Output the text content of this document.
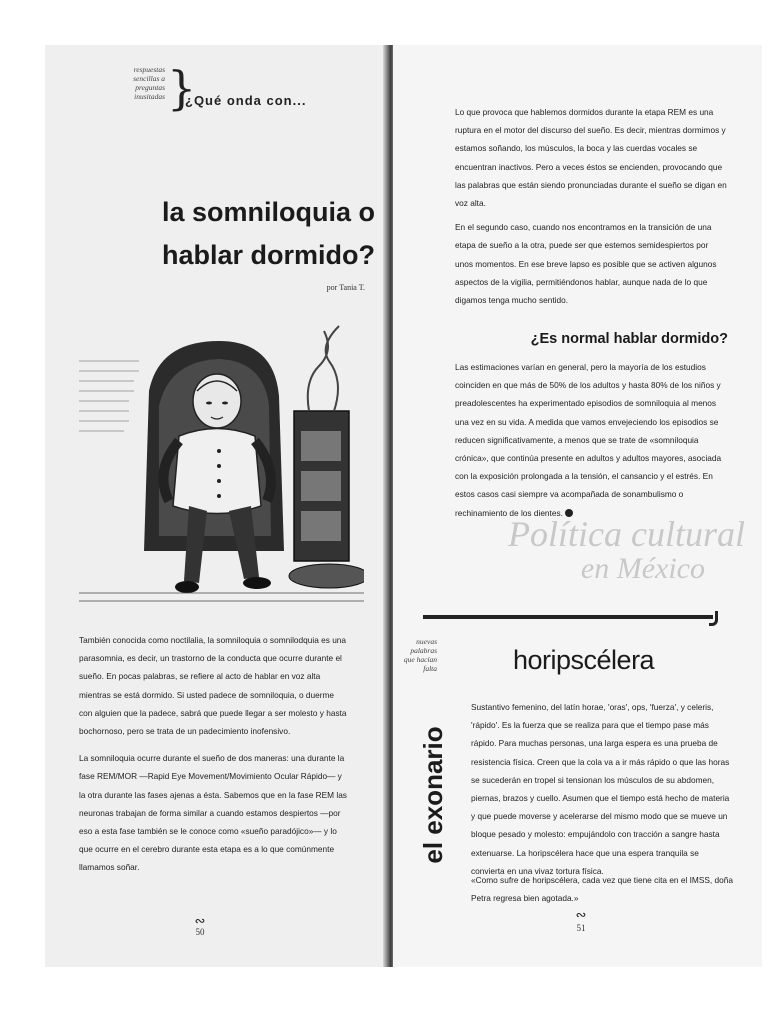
respuestas
sencillas a
preguntas
inusitadas }
¿Qué onda con...
la somniloquia o
hablar dormido?
por Tania T.

También conocida como noctilalia, la somniloquia o somnilodquia es una parasomnia, es decir, un trastorno de la conducta que ocurre durante el sueño. En pocas palabras, se refiere al acto de hablar en voz alta mientras se está dormido. Si usted padece de somniloquia, o duerme con alguien que la padece, sabrá que puede llegar a ser molesto y hasta bochornoso, pero se trata de un padecimiento inofensivo.

La somniloquia ocurre durante el sueño de dos maneras: una durante la fase REM/MOR —Rapid Eye Movement/Movimiento Ocular Rápido— y la otra durante las fases ajenas a ésta. Sabemos que en la fase REM las neuronas trabajan de forma similar a cuando estamos despiertos —por eso a esta fase también se le conoce como «sueño paradójico»— y lo que ocurre en el cerebro durante esta etapa es a lo que comúnmente llamamos soñar.

∾
50

Lo que provoca que hablemos dormidos durante la etapa REM es una ruptura en el motor del discurso del sueño. Es decir, mientras dormimos y estamos soñando, los músculos, la boca y las cuerdas vocales se encuentran inactivos. Pero a veces éstos se encienden, provocando que las palabras que están siendo pronunciadas durante el sueño se digan en voz alta.

En el segundo caso, cuando nos encontramos en la transición de una etapa de sueño a la otra, puede ser que estemos semidespiertos por unos momentos. En ese breve lapso es posible que se activen algunos aspectos de la vigilia, permitiéndonos hablar, aunque nada de lo que digamos tenga mucho sentido.

¿Es normal hablar dormido?
Las estimaciones varían en general, pero la mayoría de los estudios coinciden en que más de 50% de los adultos y hasta 80% de los niños y preadolescentes ha experimentado episodios de somniloquia al menos una vez en su vida. A medida que vamos envejeciendo los episodios se reducen significativamente, a menos que se trate de «somniloquia crónica», que continúa presente en adultos y adultos mayores, asociada con la exposición prolongada a la tensión, el cansancio y el estrés. En estos casos casi siempre va acompañada de sonambulismo o rechinamiento de los dientes.
Política cultural
en México
nuevas
palabras
que hacían
falta	horipscélera
el exonario

Sustantivo femenino, del latín horae, 'oras', ops, 'fuerza', y celeris, 'rápido'. Es la fuerza que se realiza para que el tiempo pase más rápido. Para muchas personas, una larga espera es una prueba de resistencia física. Creen que la cola va a ir más rápido o que las horas se sucederán en tropel si tensionan los músculos de su abdomen, piernas, brazos y cuello. Asumen que el tiempo está hecho de materia y que puede moverse y acelerarse del mismo modo que se mueve un bloque pesado y molesto: empujándolo con tracción a sangre hasta extenuarse. La horipscélera hace que una espera tranquila se convierta en una vivaz tortura física.

«Como sufre de horipscélera, cada vez que tiene cita en el IMSS, doña Petra regresa bien agotada.»

∾
51
